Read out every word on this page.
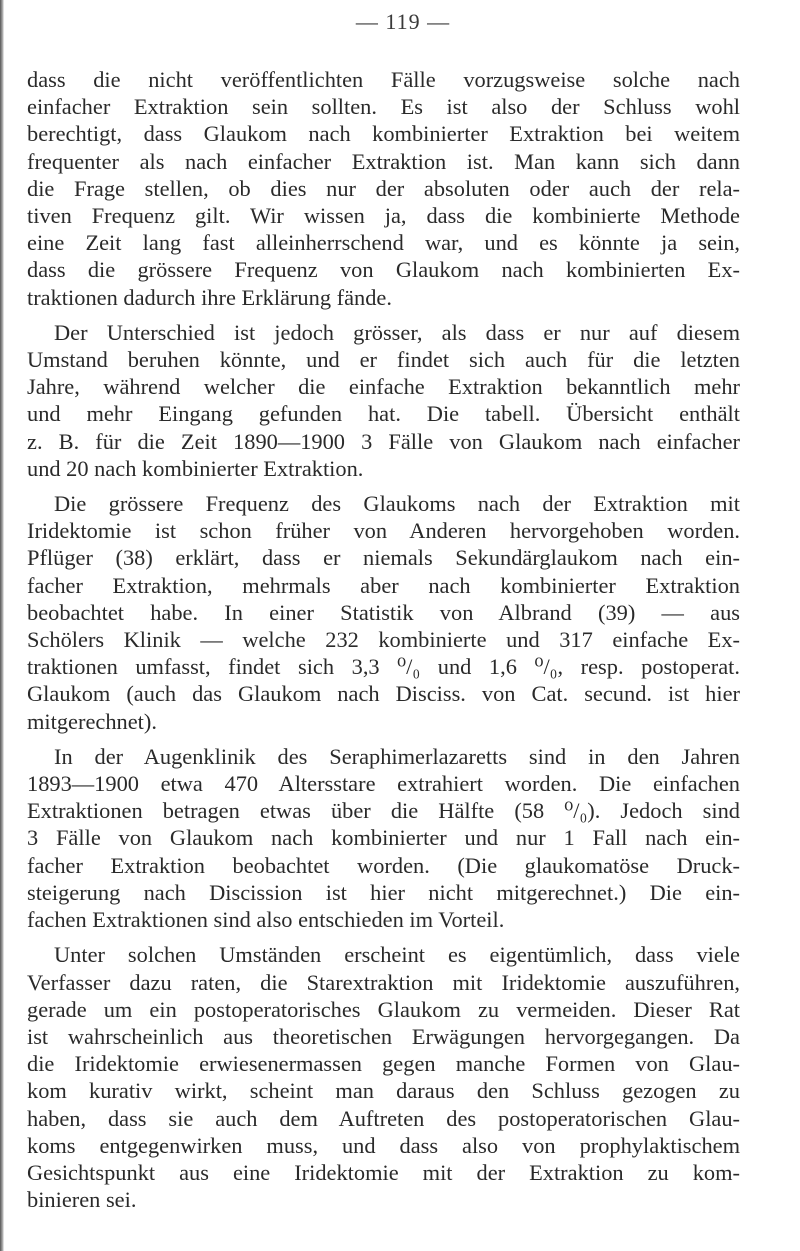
— 119 —

dass die nicht veröffentlichten Fälle vorzugsweise solche nach
einfacher Extraktion sein sollten. Es ist also der Schluss wohl
berechtigt, dass Glaukom nach kombinierter Extraktion bei weitem
frequenter als nach einfacher Extraktion ist. Man kann sich dann
die Frage stellen, ob dies nur der absoluten oder auch der rela-
tiven Frequenz gilt. Wir wissen ja, dass die kombinierte Methode
eine Zeit lang fast alleinherrschend war, und es könnte ja sein,
dass die grössere Frequenz von Glaukom nach kombinierten Ex-
traktionen dadurch ihre Erklärung fände.

Der Unterschied ist jedoch grösser, als dass er nur auf diesem
Umstand beruhen könnte, und er findet sich auch für die letzten
Jahre, während welcher die einfache Extraktion bekanntlich mehr
und mehr Eingang gefunden hat. Die tabell. Übersicht enthält
z. B. für die Zeit 1890—1900 3 Fälle von Glaukom nach einfacher
und 20 nach kombinierter Extraktion.

Die grössere Frequenz des Glaukoms nach der Extraktion mit
Iridektomie ist schon früher von Anderen hervorgehoben worden.
Pflüger (38) erklärt, dass er niemals Sekundärglaukom nach ein-
facher Extraktion, mehrmals aber nach kombinierter Extraktion
beobachtet habe. In einer Statistik von Albrand (39) — aus
Schölers Klinik — welche 232 kombinierte und 317 einfache Ex-
traktionen umfasst, findet sich 3,3 ⁰/₀ und 1,6 ⁰/₀, resp. postoperat.
Glaukom (auch das Glaukom nach Disciss. von Cat. secund. ist hier
mitgerechnet).

In der Augenklinik des Seraphimerlazaretts sind in den Jahren
1893—1900 etwa 470 Altersstare extrahiert worden. Die einfachen
Extraktionen betragen etwas über die Hälfte (58 ⁰/₀). Jedoch sind
3 Fälle von Glaukom nach kombinierter und nur 1 Fall nach ein-
facher Extraktion beobachtet worden. (Die glaukomatöse Druck-
steigerung nach Discission ist hier nicht mitgerechnet.) Die ein-
fachen Extraktionen sind also entschieden im Vorteil.

Unter solchen Umständen erscheint es eigentümlich, dass viele
Verfasser dazu raten, die Starextraktion mit Iridektomie auszuführen,
gerade um ein postoperatorisches Glaukom zu vermeiden. Dieser Rat
ist wahrscheinlich aus theoretischen Erwägungen hervorgegangen. Da
die Iridektomie erwiesenermassen gegen manche Formen von Glau-
kom kurativ wirkt, scheint man daraus den Schluss gezogen zu
haben, dass sie auch dem Auftreten des postoperatorischen Glau-
koms entgegenwirken muss, und dass also von prophylaktischem
Gesichtspunkt aus eine Iridektomie mit der Extraktion zu kom-
binieren sei.
